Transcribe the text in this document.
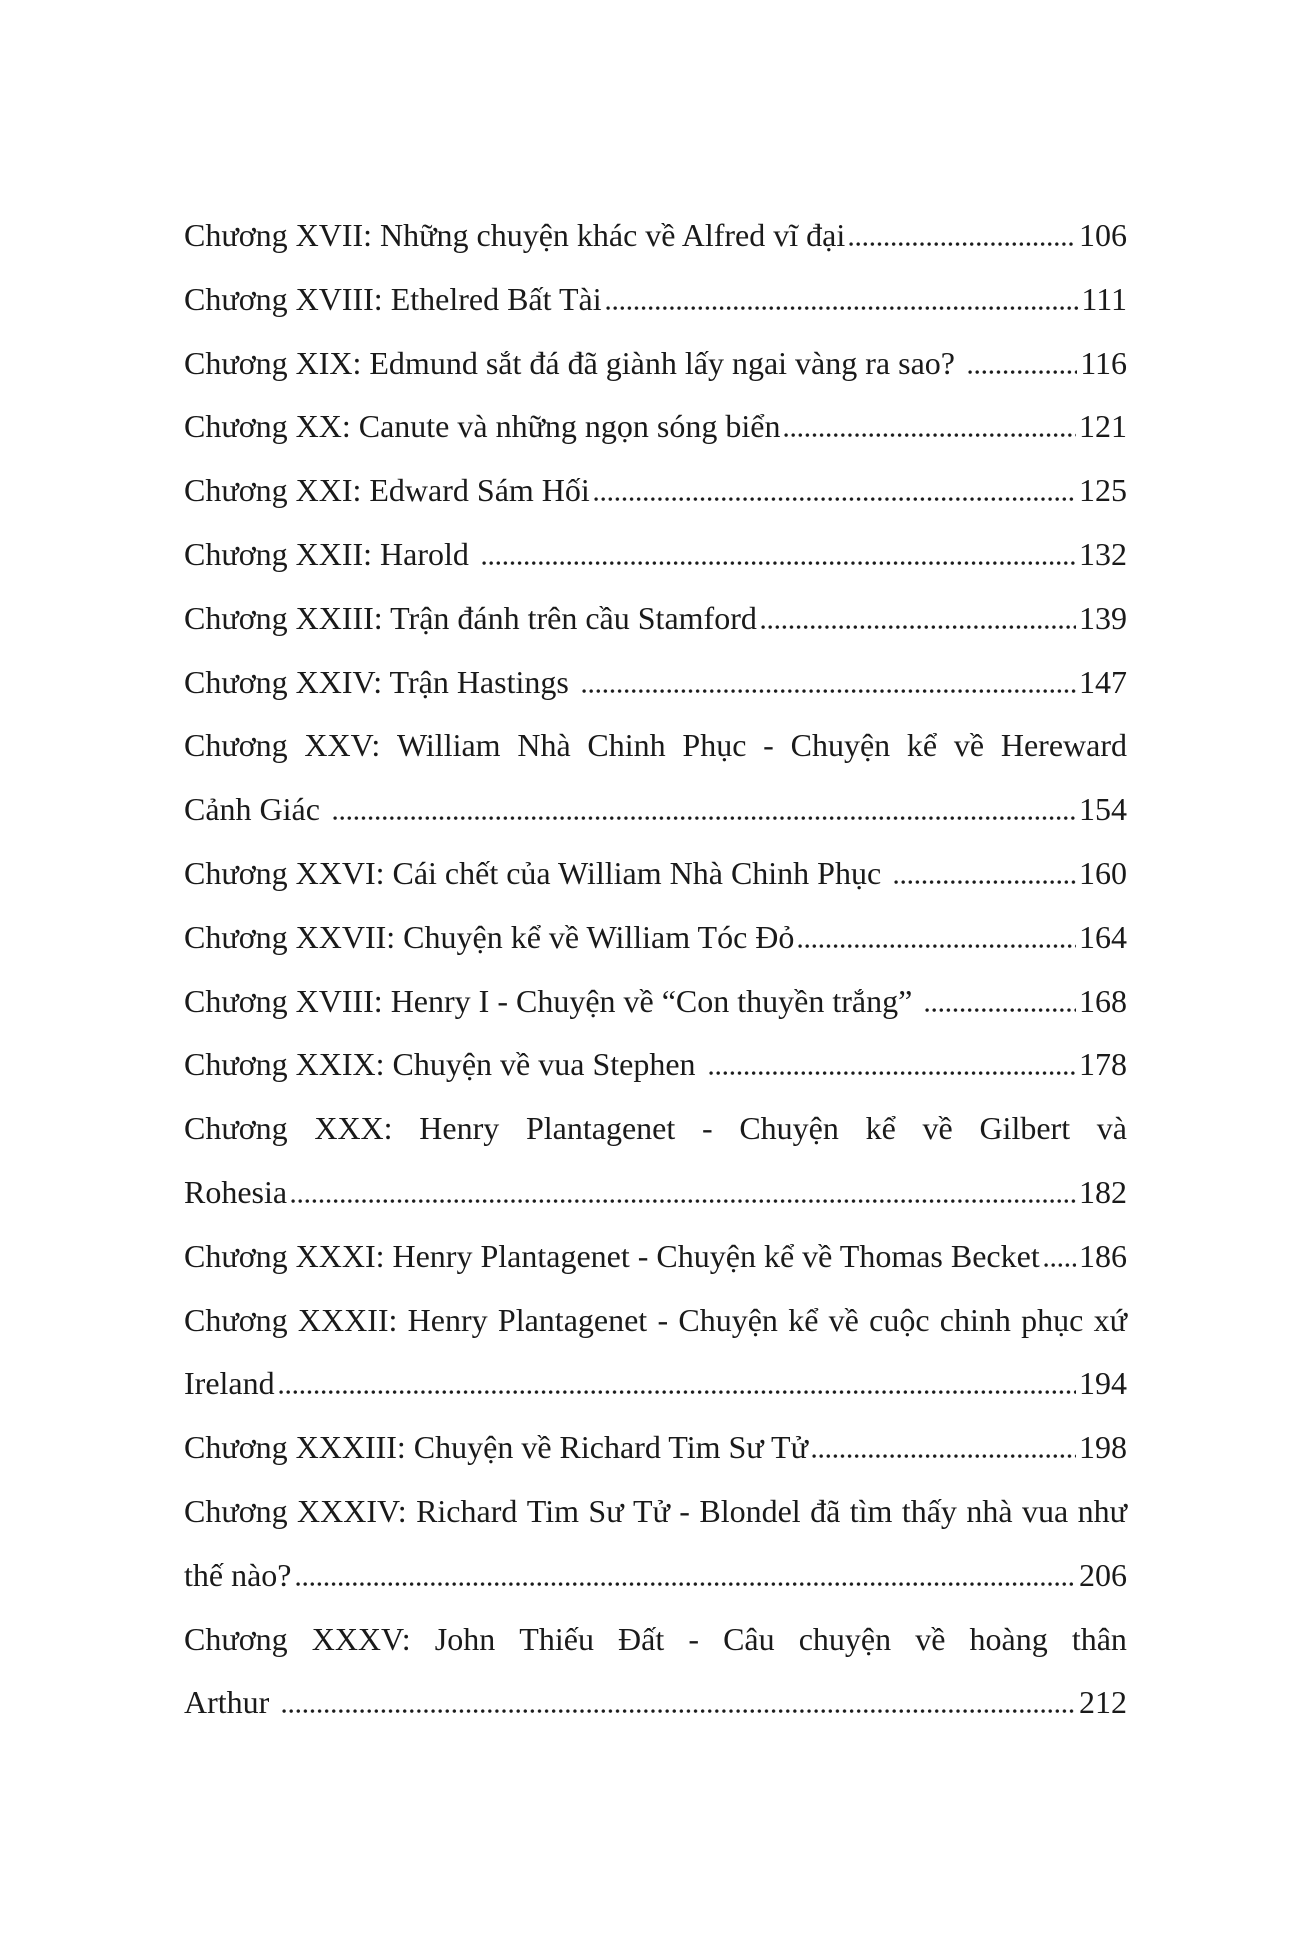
Chương XVII: Những chuyện khác về Alfred vĩ đại	106
Chương XVIII: Ethelred Bất Tài	111
Chương XIX: Edmund sắt đá đã giành lấy ngai vàng ra sao?	116
Chương XX: Canute và những ngọn sóng biển	121
Chương XXI: Edward Sám Hối	125
Chương XXII: Harold	132
Chương XXIII: Trận đánh trên cầu Stamford	139
Chương XXIV: Trận Hastings	147
Chương XXV: William Nhà Chinh Phục - Chuyện kể về Hereward
Cảnh Giác	154
Chương XXVI: Cái chết của William Nhà Chinh Phục	160
Chương XXVII: Chuyện kể về William Tóc Đỏ	164
Chương XVIII: Henry I - Chuyện về “Con thuyền trắng”	168
Chương XXIX: Chuyện về vua Stephen	178
Chương XXX: Henry Plantagenet - Chuyện kể về Gilbert và
Rohesia	182
Chương XXXI: Henry Plantagenet - Chuyện kể về Thomas Becket 186
Chương XXXII: Henry Plantagenet - Chuyện kể về cuộc chinh phục xứ
Ireland	194
Chương XXXIII: Chuyện về Richard Tim Sư Tử	198
Chương XXXIV: Richard Tim Sư Tử - Blondel đã tìm thấy nhà vua như
thế nào?	206
Chương XXXV: John Thiếu Đất - Câu chuyện về hoàng thân
Arthur	212
